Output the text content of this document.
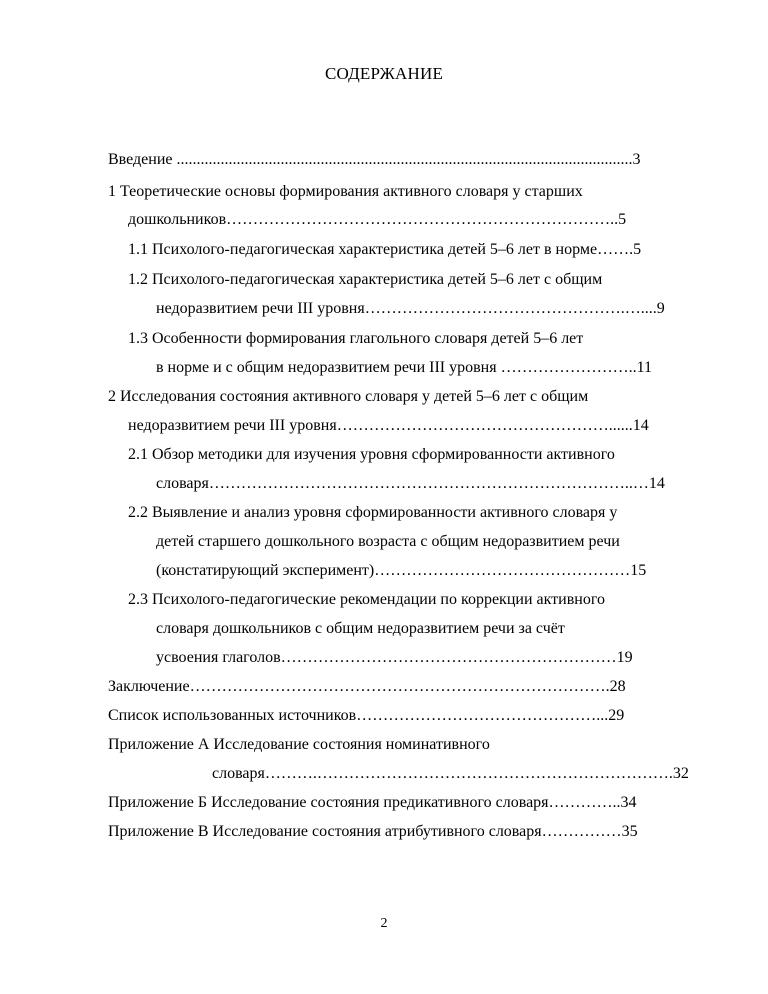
СОДЕРЖАНИЕ
Введение ..................................................................................................................3
1 Теоретические основы формирования активного словаря у старших
дошкольников………………………………………………………………..5
1.1 Психолого-педагогическая характеристика детей 5–6 лет в норме…….5
1.2 Психолого-педагогическая характеристика детей 5‒6 лет с общим
недоразвитием речи III уровня………………………………………….…....9
1.3 Особенности формирования глагольного словаря детей 5‒6 лет
в норме и с общим недоразвитием речи III уровня ……………………..11
2 Исследования состояния активного словаря у детей 5‒6 лет с общим
недоразвитием речи III уровня……………………………………………......14
2.1 Обзор методики для изучения уровня сформированности активного
словаря……………………………………………………………………..…14
2.2 Выявление и анализ уровня сформированности активного словаря у
детей старшего дошкольного возраста с общим недоразвитием речи
(констатирующий эксперимент)…………………………………………15
2.3 Психолого-педагогические рекомендации по коррекции активного
словаря дошкольников с общим недоразвитием речи за счёт
усвоения глаголов………………………………………………………19
Заключение…………………………………………………………………….28
Список использованных источников………………………………………...29
Приложение А Исследование состояния номинативного
словаря……….………………………………………………………….32
Приложение Б Исследование состояния предикативного словаря…………..34
Приложение В Исследование состояния атрибутивного словаря……………35
2
